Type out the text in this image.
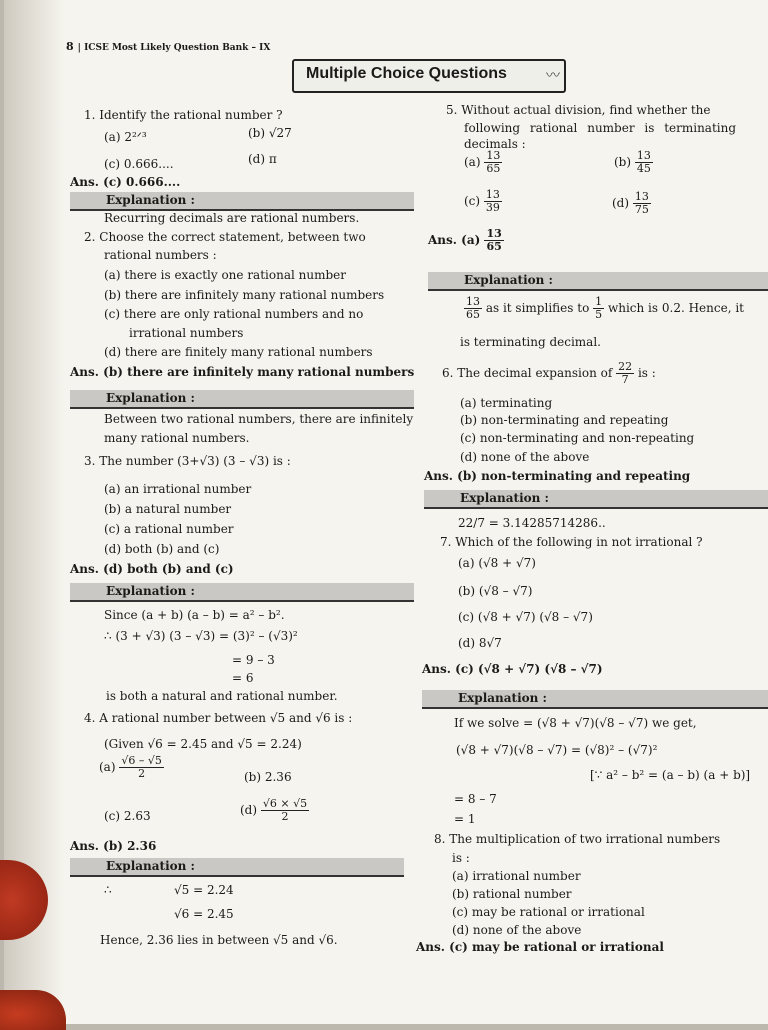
8 | ICSE Most Likely Question Bank – IX
Multiple Choice Questions	〰
1. Identify the rational number ?
(a) 2²ᐟ³	(b) √27
(c) 0.666....	(d) π
Ans. (c) 0.666....
Explanation :
Recurring decimals are rational numbers.
2. Choose the correct statement, between two
rational numbers :
(a) there is exactly one rational number
(b) there are infinitely many rational numbers
(c) there are only rational numbers and no
irrational numbers
(d) there are finitely many rational numbers
Ans. (b) there are infinitely many rational numbers
Explanation :
Between two rational numbers, there are infinitely
many rational numbers.
3. The number (3+√3) (3 – √3) is :
(a) an irrational number
(b) a natural number
(c) a rational number
(d) both (b) and (c)
Ans. (d) both (b) and (c)
Explanation :
Since (a + b) (a – b) = a² – b².
∴ (3 + √3) (3 – √3) = (3)² – (√3)²
= 9 – 3
= 6
is both a natural and rational number.
4. A rational number between √5 and √6 is :
(Given √6 = 2.45 and √5 = 2.24)
$(a) \frac{√6 - √5}{2}$	(b) 2.36
(c) 2.63	$(d) \frac{√6 \times √5}{2}$
Ans. (b) 2.36
Explanation :
∴	√5 = 2.24
√6 = 2.45
Hence, 2.36 lies in between √5 and √6.
5. Without actual division, find whether the
following rational number is terminating
decimals :
$(a) \frac{13}{65}$	$(b) \frac{13}{45}$
$(c) \frac{13}{39}$	$(d) \frac{13}{75}$
Ans. $(a) \frac{13}{65}$
Explanation :
$\frac{13}{65}$ as it simplifies to $\frac{1}{5}$ which is 0.2. Hence, it
is terminating decimal.
6. The decimal expansion of $\frac{22}{7}$ is :
(a) terminating
(b) non-terminating and repeating
(c) non-terminating and non-repeating
(d) none of the above
Ans. (b) non-terminating and repeating
Explanation :
22/7 = 3.14285714286..
7. Which of the following in not irrational ?
(a) (√8 + √7)
(b) (√8 – √7)
(c) (√8 + √7) (√8 – √7)
(d) 8√7
Ans. (c) (√8 + √7) (√8 – √7)
Explanation :
If we solve = (√8 + √7)(√8 – √7) we get,
(√8 + √7)(√8 – √7) = (√8)² – (√7)²
[∵ a² – b² = (a – b) (a + b)]
= 8 – 7
= 1
8. The multiplication of two irrational numbers
is :
(a) irrational number
(b) rational number
(c) may be rational or irrational
(d) none of the above
Ans. (c) may be rational or irrational
